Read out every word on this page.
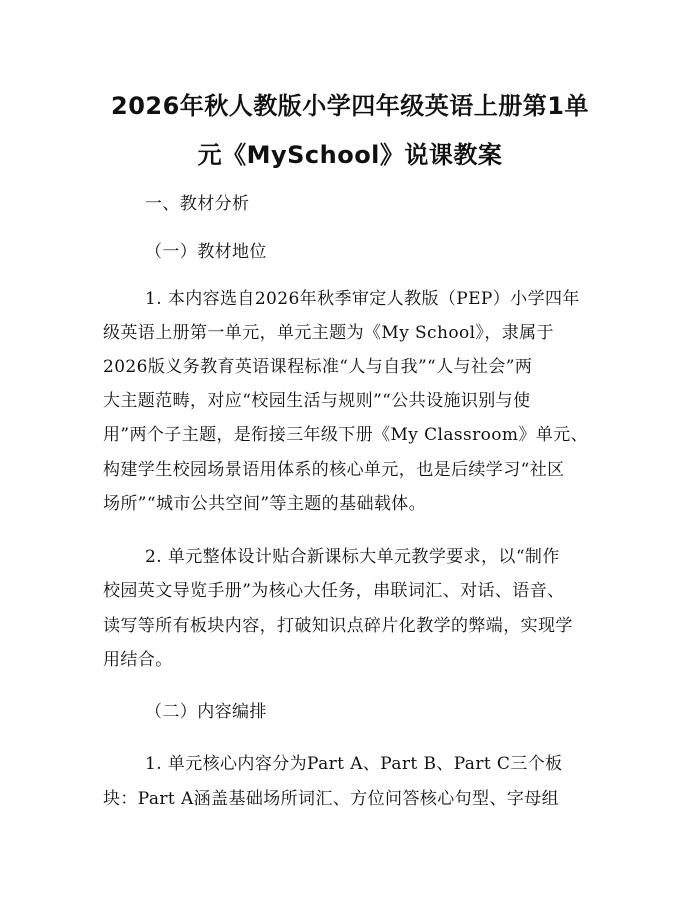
2026年秋人教版小学四年级英语上册第1单
元《MySchool》说课教案
一、教材分析
（一）教材地位
1. 本内容选自2026年秋季审定人教版（PEP）小学四年
级英语上册第一单元，单元主题为《My School》，隶属于
2026版义务教育英语课程标准“人与自我”“人与社会”两
大主题范畴，对应“校园生活与规则”“公共设施识别与使
用”两个子主题，是衔接三年级下册《My Classroom》单元、
构建学生校园场景语用体系的核心单元，也是后续学习“社区
场所”“城市公共空间”等主题的基础载体。
2. 单元整体设计贴合新课标大单元教学要求，以“制作
校园英文导览手册”为核心大任务，串联词汇、对话、语音、
读写等所有板块内容，打破知识点碎片化教学的弊端，实现学
用结合。
（二）内容编排
1. 单元核心内容分为Part A、Part B、Part C三个板
块：Part A涵盖基础场所词汇、方位问答核心句型、字母组
